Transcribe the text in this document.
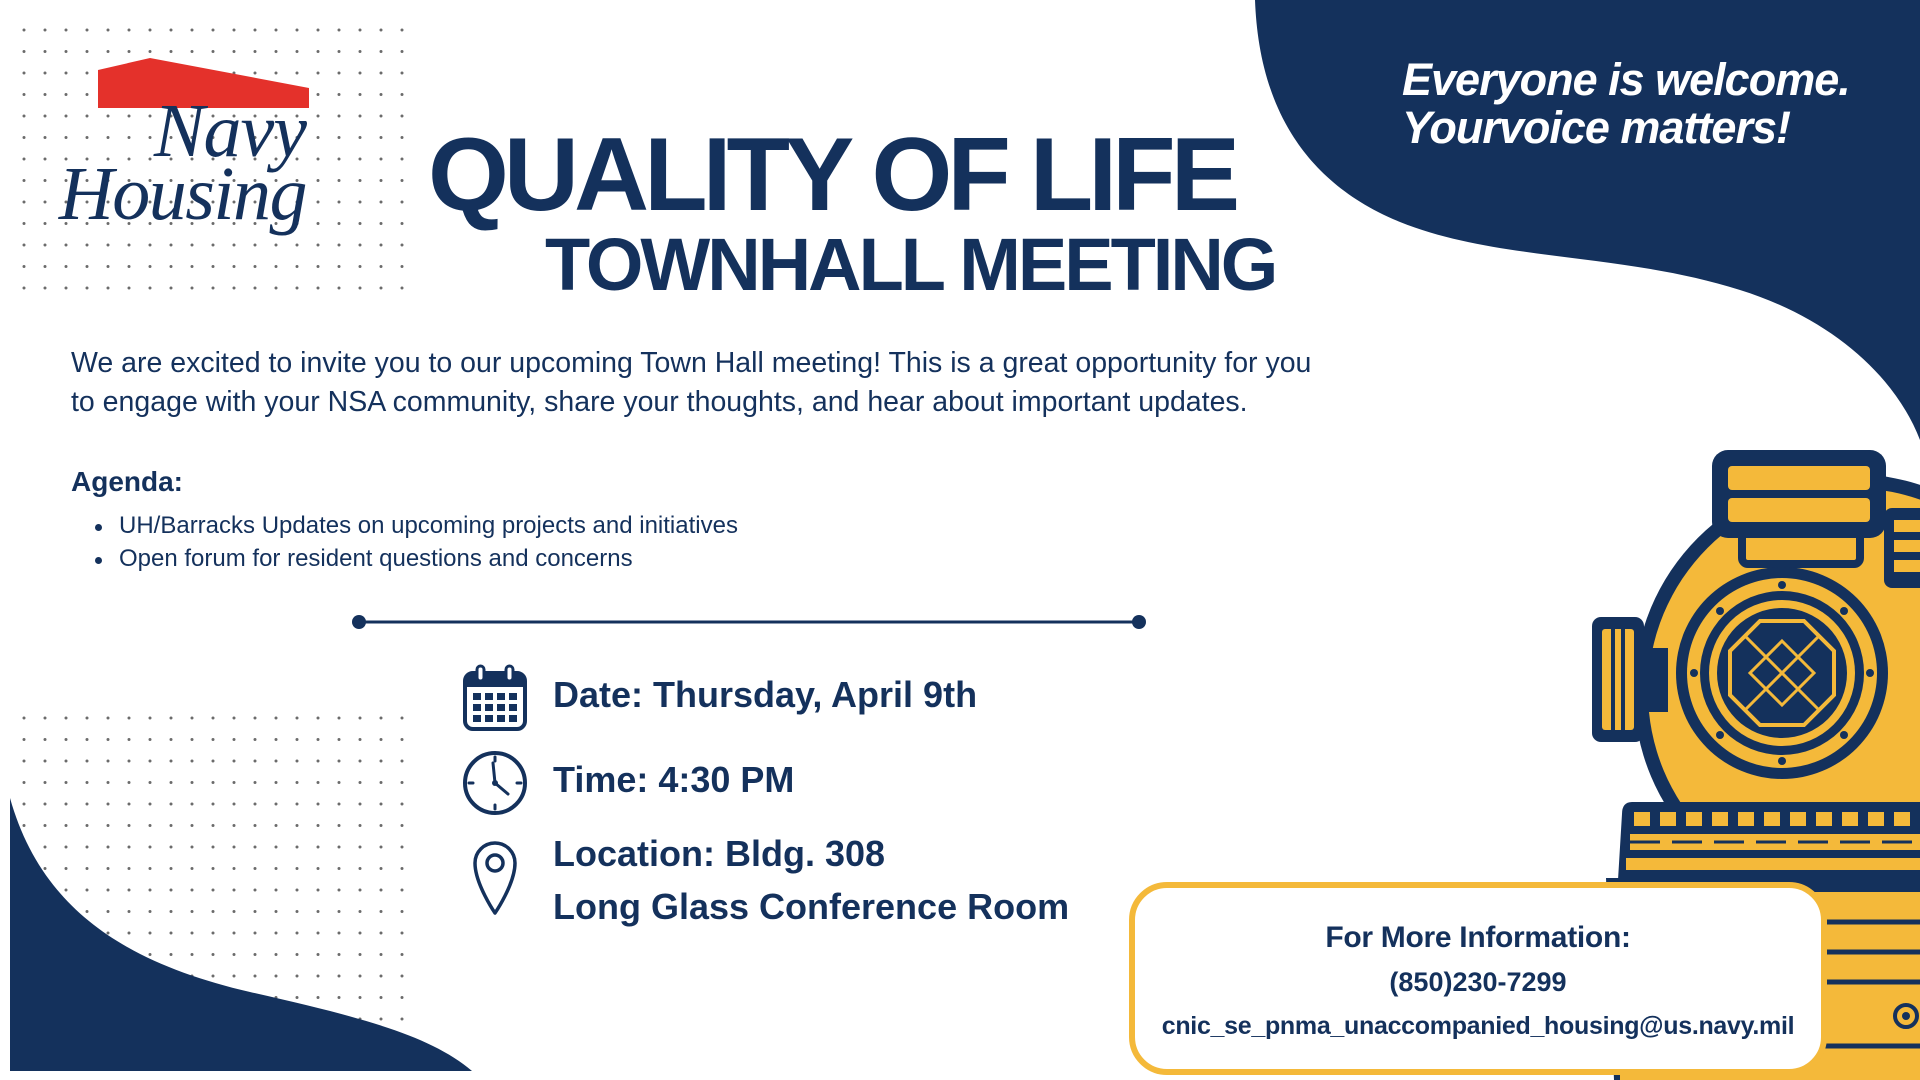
Navy
Housing QUALITY OF LIFE
TOWNHALL MEETING
Everyone is welcome.
Yourvoice matters!
We are excited to invite you to our upcoming Town Hall meeting! This is a great opportunity for you
to engage with your NSA community, share your thoughts, and hear about important updates.
Agenda:
UH/Barracks Updates on upcoming projects and initiatives
Open forum for resident questions and concerns
Date: Thursday, April 9th
Time: 4:30 PM
Location: Bldg. 308
Long Glass Conference Room
For More Information:
(850)230-7299
cnic_se_pnma_unaccompanied_housing@us.navy.mil
